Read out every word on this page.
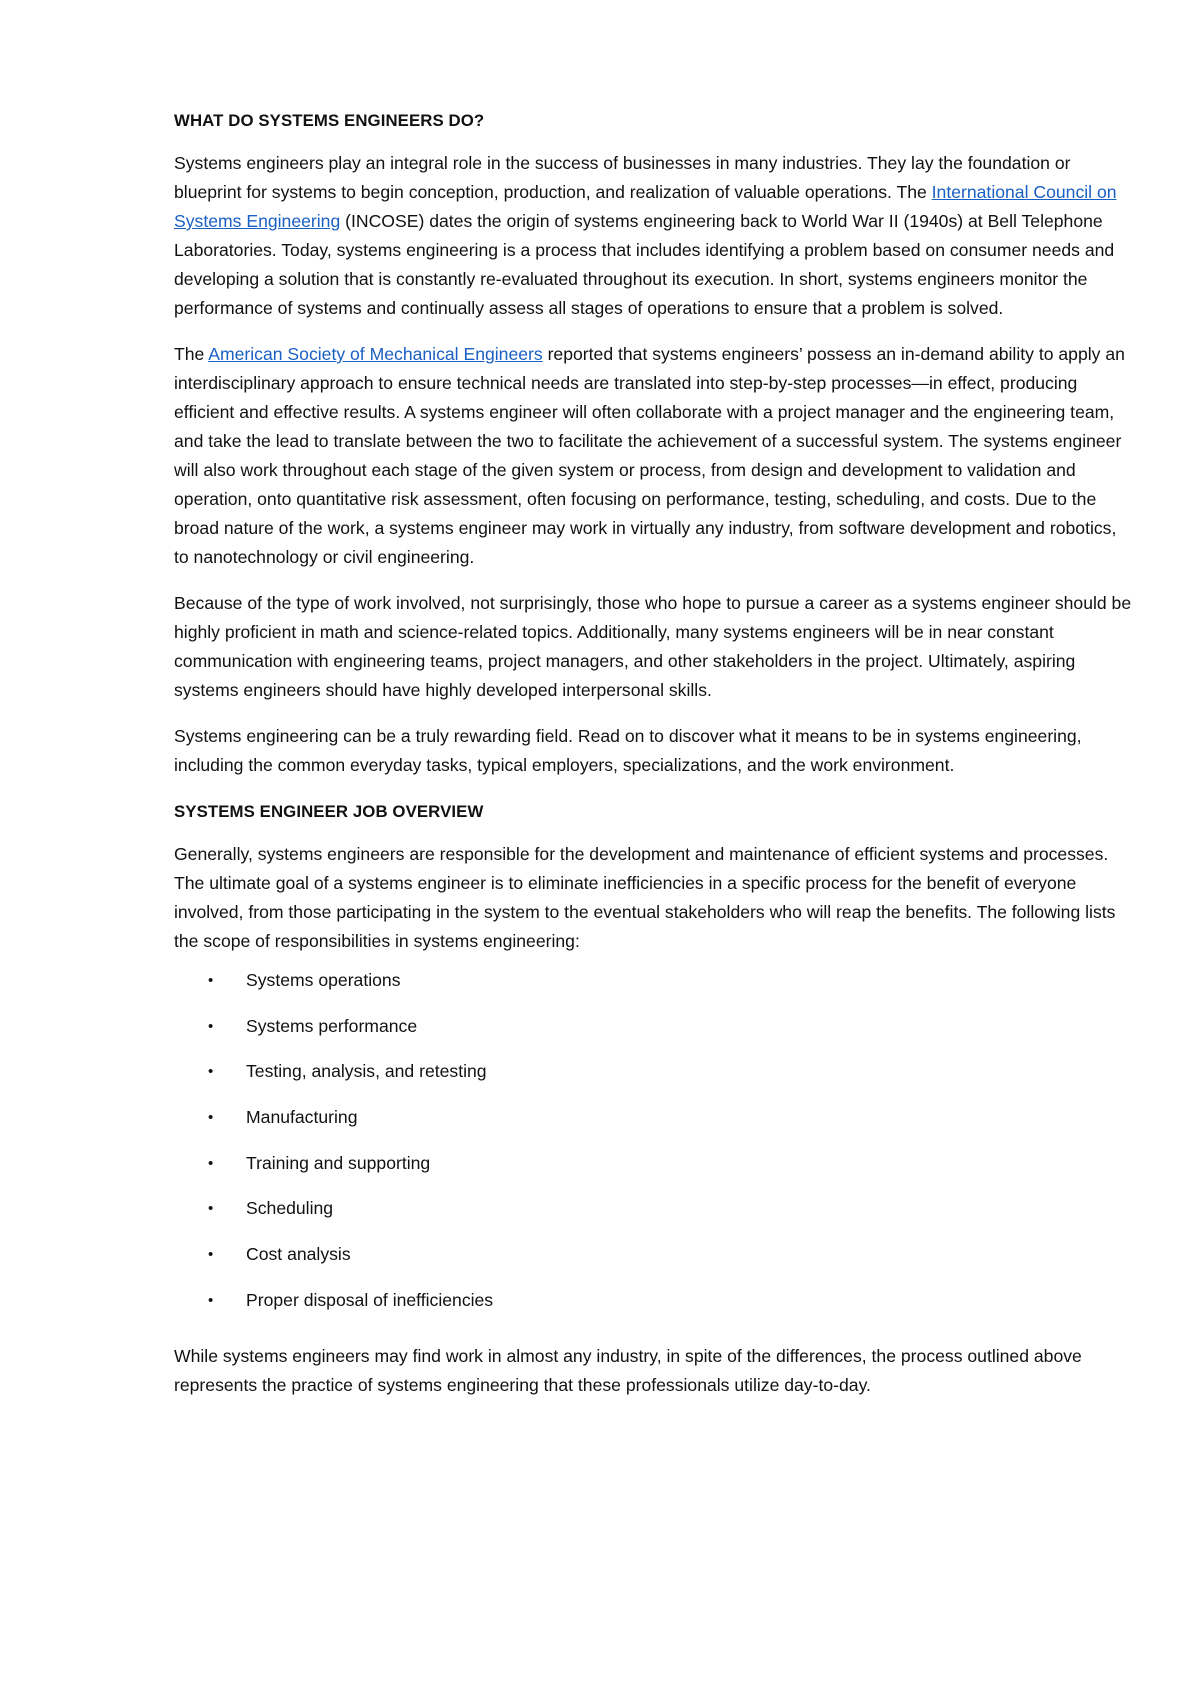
WHAT DO SYSTEMS ENGINEERS DO?

Systems engineers play an integral role in the success of businesses in many industries. They lay the foundation or blueprint for systems to begin conception, production, and realization of valuable operations. The International Council on Systems Engineering (INCOSE) dates the origin of systems engineering back to World War II (1940s) at Bell Telephone Laboratories. Today, systems engineering is a process that includes identifying a problem based on consumer needs and developing a solution that is constantly re-evaluated throughout its execution. In short, systems engineers monitor the performance of systems and continually assess all stages of operations to ensure that a problem is solved.

The American Society of Mechanical Engineers reported that systems engineers’ possess an in-demand ability to apply an interdisciplinary approach to ensure technical needs are translated into step-by-step processes—in effect, producing efficient and effective results. A systems engineer will often collaborate with a project manager and the engineering team, and take the lead to translate between the two to facilitate the achievement of a successful system. The systems engineer will also work throughout each stage of the given system or process, from design and development to validation and operation, onto quantitative risk assessment, often focusing on performance, testing, scheduling, and costs. Due to the broad nature of the work, a systems engineer may work in virtually any industry, from software development and robotics, to nanotechnology or civil engineering.

Because of the type of work involved, not surprisingly, those who hope to pursue a career as a systems engineer should be highly proficient in math and science-related topics. Additionally, many systems engineers will be in near constant communication with engineering teams, project managers, and other stakeholders in the project. Ultimately, aspiring systems engineers should have highly developed interpersonal skills.

Systems engineering can be a truly rewarding field. Read on to discover what it means to be in systems engineering, including the common everyday tasks, typical employers, specializations, and the work environment.

SYSTEMS ENGINEER JOB OVERVIEW

Generally, systems engineers are responsible for the development and maintenance of efficient systems and processes. The ultimate goal of a systems engineer is to eliminate inefficiencies in a specific process for the benefit of everyone involved, from those participating in the system to the eventual stakeholders who will reap the benefits. The following lists the scope of responsibilities in systems engineering:

• Systems operations
• Systems performance
• Testing, analysis, and retesting
• Manufacturing
• Training and supporting
• Scheduling
• Cost analysis
• Proper disposal of inefficiencies

While systems engineers may find work in almost any industry, in spite of the differences, the process outlined above represents the practice of systems engineering that these professionals utilize day-to-day.
